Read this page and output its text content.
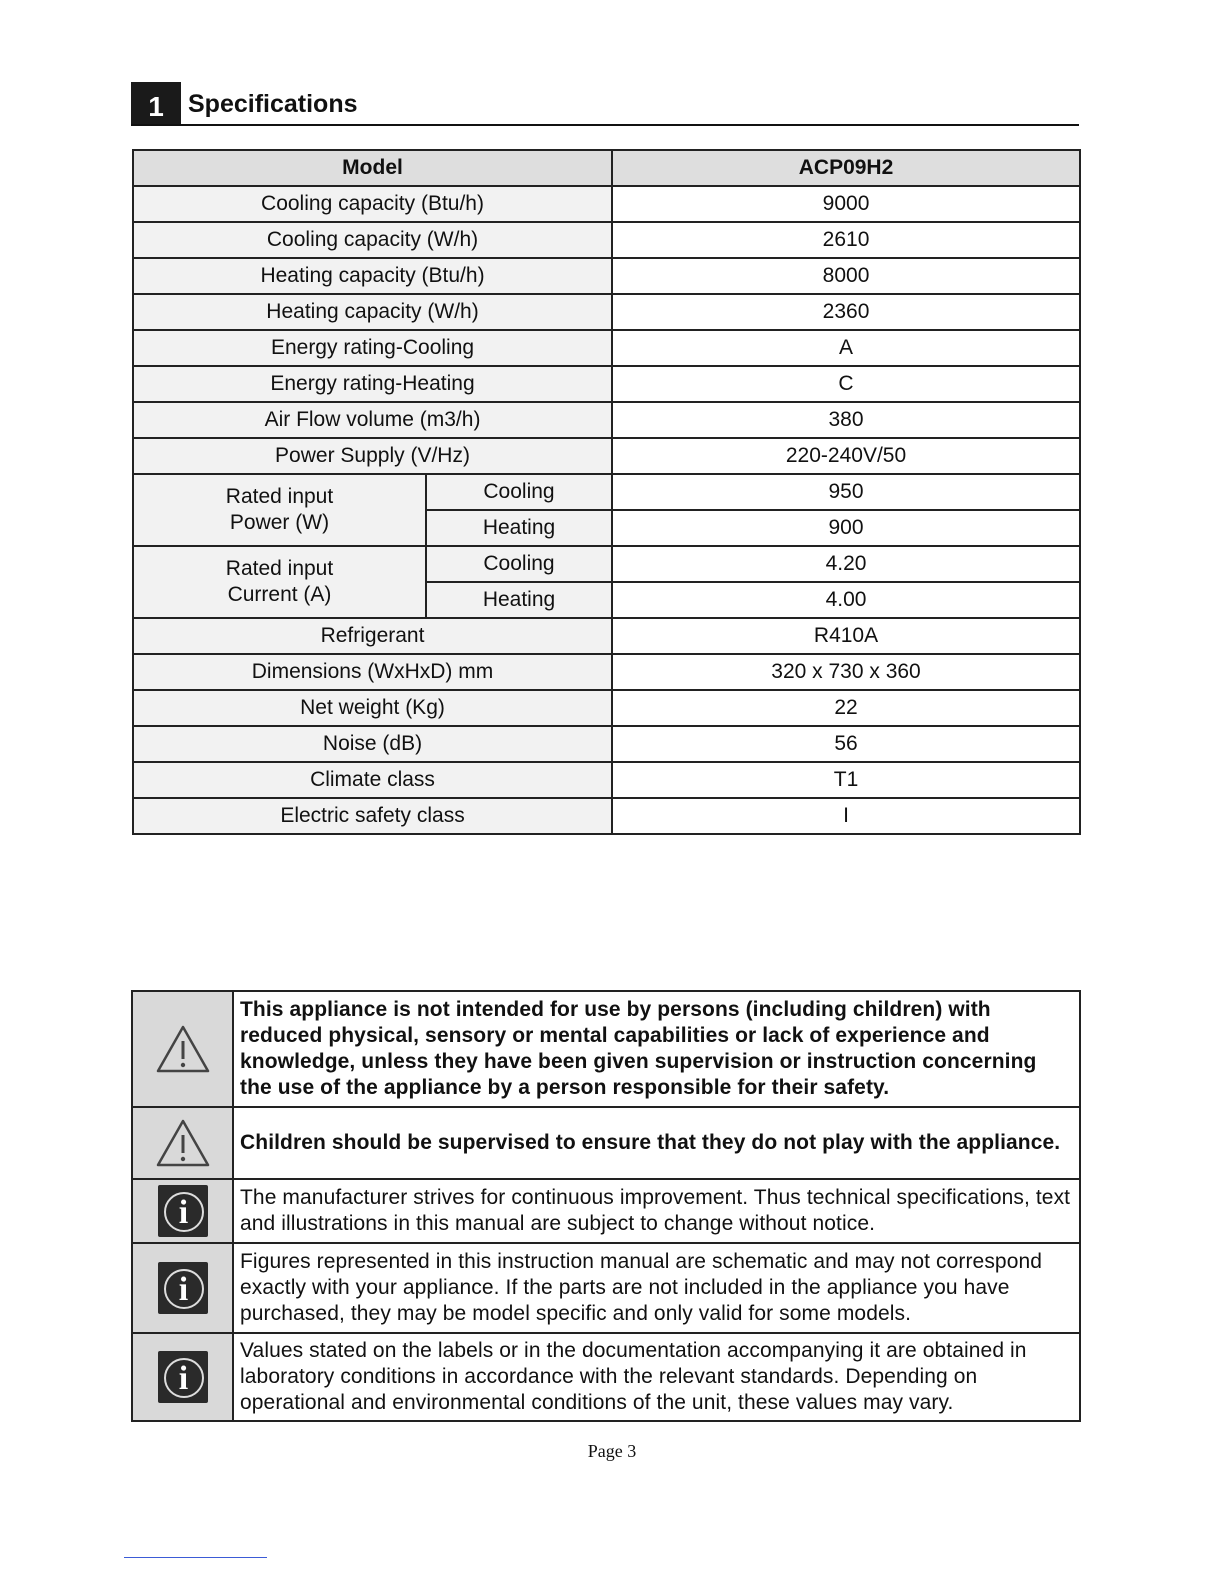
1 Specifications
Model		ACP09H2
Cooling capacity (Btu/h)		9000
Cooling capacity (W/h)		2610
Heating capacity (Btu/h)		8000
Heating capacity (W/h)		2360
Energy rating-Cooling		A
Energy rating-Heating		C
Air Flow volume (m3/h)		380
Power Supply (V/Hz)		220-240V/50
Rated input
Power (W)	Cooling	950
	Heating	900
Rated input
Current (A)	Cooling	4.20
	Heating	4.00
Refrigerant		R410A
Dimensions (WxHxD) mm		320 x 730 x 360
Net weight (Kg)		22
Noise (dB)		56
Climate class		T1
Electric safety class		I
	This appliance is not intended for use by persons (including children) with reduced physical, sensory or mental capabilities or lack of experience and knowledge, unless they have been given supervision or instruction concerning the use of the appliance by a person responsible for their safety.
	Children should be supervised to ensure that they do not play with the appliance.

i	The manufacturer strives for continuous improvement. Thus technical specifications, text and illustrations in this manual are subject to change without notice.

i	Figures represented in this instruction manual are schematic and may not correspond exactly with your appliance. If the parts are not included in the appliance you have purchased, they may be model specific and only valid for some models.

i	Values stated on the labels or in the documentation accompanying it are obtained in laboratory conditions in accordance with the relevant standards. Depending on operational and environmental conditions of the unit, these values may vary.
Page 3
